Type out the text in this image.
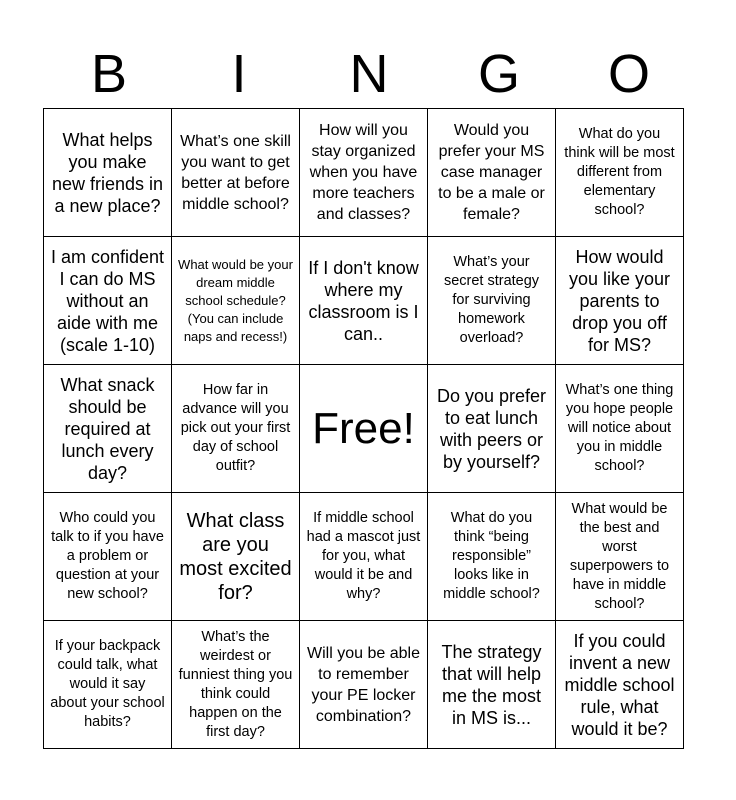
B	I	N	G	O
What helps you make new friends in a new place?	What’s one skill you want to get better at before middle school?	How will you stay organized when you have more teachers and classes?	Would you prefer your MS case manager to be a male or female?	What do you think will be most different from elementary school?

I am confident I can do MS without an aide with me (scale 1-10)	What would be your dream middle school schedule? (You can include naps and recess!)	If I don't know where my classroom is I can..	What’s your secret strategy for surviving homework overload?	How would you like your parents to drop you off for MS?

What snack should be required at lunch every day?	How far in advance will you pick out your first day of school outfit?	Free!	Do you prefer to eat lunch with peers or by yourself?	What’s one thing you hope people will notice about you in middle school?

Who could you talk to if you have a problem or question at your new school?	What class are you most excited for?	If middle school had a mascot just for you, what would it be and why?	What do you think “being responsible” looks like in middle school?	What would be the best and worst superpowers to have in middle school?

If your backpack could talk, what would it say about your school habits?	What’s the weirdest or funniest thing you think could happen on the first day?	Will you be able to remember your PE locker combination?	The strategy that will help me the most in MS is...	If you could invent a new middle school rule, what would it be?
